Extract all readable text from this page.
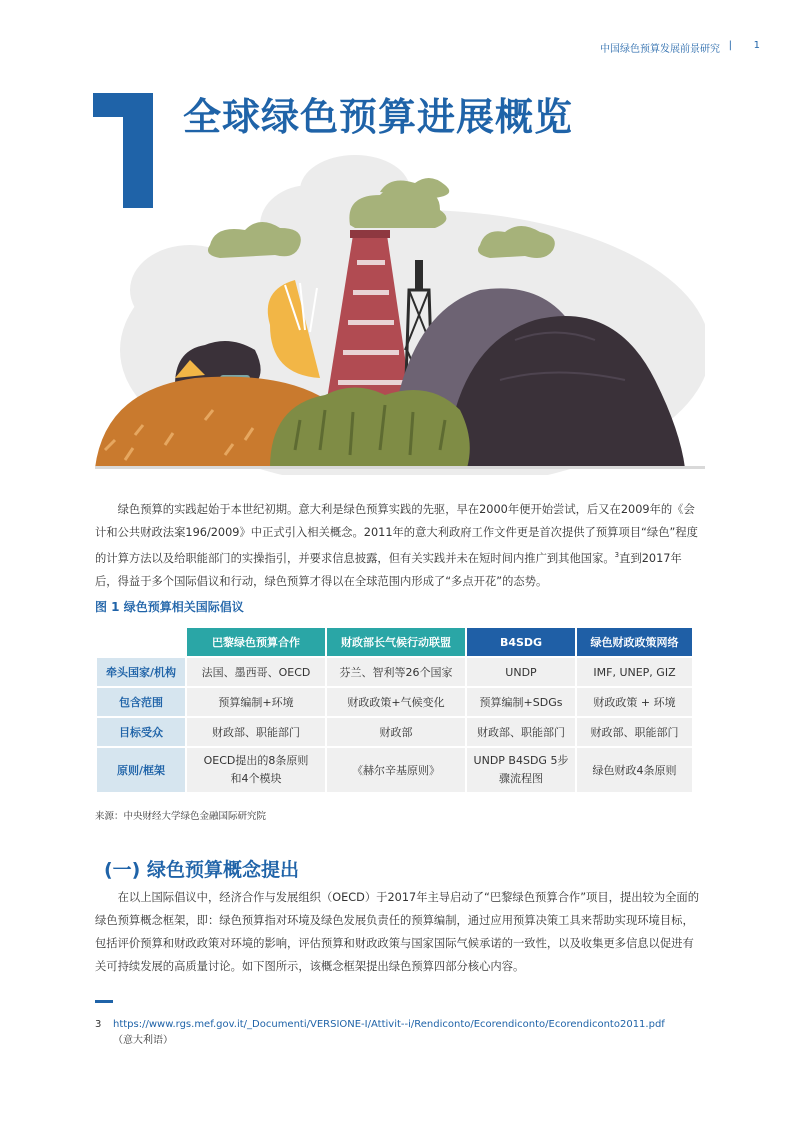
中国绿色预算发展前景研究 | 1
全球绿色预算进展概览

绿色预算的实践起始于本世纪初期。意大利是绿色预算实践的先驱，早在2000年便开始尝试，后又在2009年的《会计和公共财政法案196/2009》中正式引入相关概念。2011年的意大利政府工作文件更是首次提供了预算项目“绿色”程度的计算方法以及给职能部门的实操指引，并要求信息披露，但有关实践并未在短时间内推广到其他国家。$^3$直到2017年后，得益于多个国际倡议和行动，绿色预算才得以在全球范围内形成了“多点开花”的态势。

图 1 绿色预算相关国际倡议
	巴黎绿色预算合作	财政部长气候行动联盟	B4SDG	绿色财政政策网络
牵头国家/机构	法国、墨西哥、OECD	芬兰、智利等26个国家	UNDP	IMF, UNEP, GIZ
包含范围	预算编制+环境	财政政策+气候变化	预算编制+SDGs	财政政策 + 环境
目标受众	财政部、职能部门	财政部	财政部、职能部门	财政部、职能部门
原则/框架	OECD提出的8条原则和4个模块	《赫尔辛基原则》	UNDP B4SDG 5步骤流程图	绿色财政4条原则
来源：中央财经大学绿色金融国际研究院
(一) 绿色预算概念提出

在以上国际倡议中，经济合作与发展组织（OECD）于2017年主导启动了“巴黎绿色预算合作”项目，提出较为全面的绿色预算概念框架，即：绿色预算指对环境及绿色发展负责任的预算编制，通过应用预算决策工具来帮助实现环境目标，包括评价预算和财政政策对环境的影响，评估预算和财政政策与国家国际气候承诺的一致性，以及收集更多信息以促进有关可持续发展的高质量讨论。如下图所示，该概念框架提出绿色预算四部分核心内容。

3 https://www.rgs.mef.gov.it/_Documenti/VERSIONE-I/Attivit--i/Rendiconto/Ecorendiconto/Ecorendiconto2011.pdf
（意大利语）
